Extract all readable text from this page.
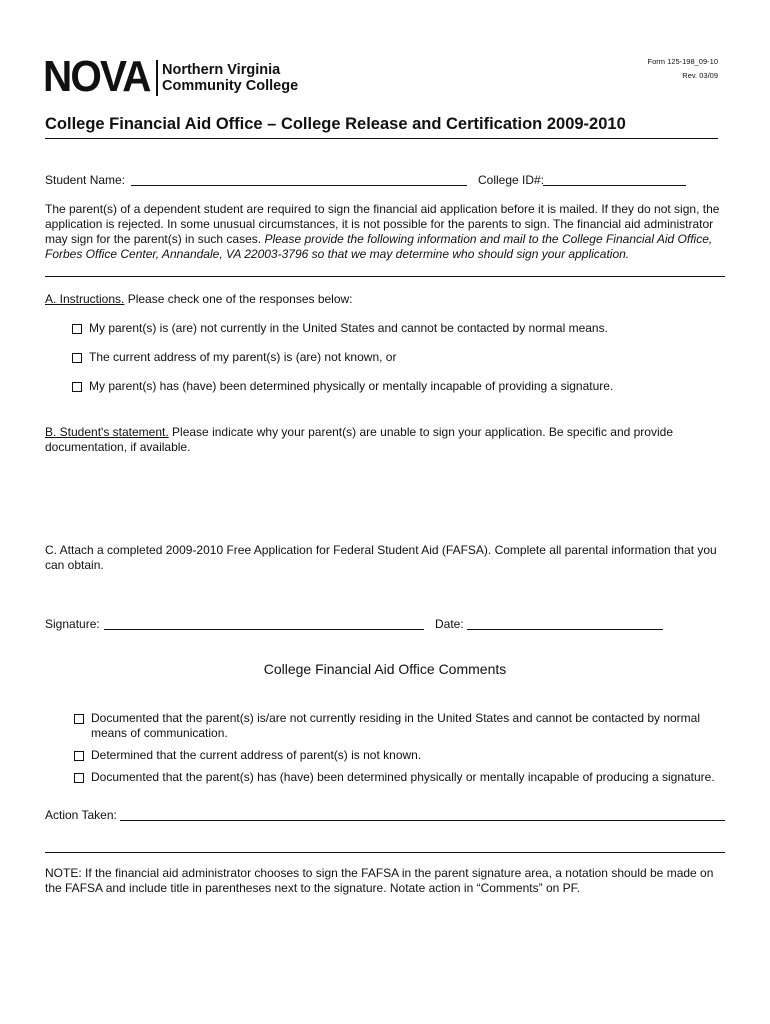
NOVA Northern Virginia
Community College
Form 125-198_09-10
Rev. 03/09
College Financial Aid Office – College Release and Certification 2009-2010
Student Name:	College ID#:
The parent(s) of a dependent student are required to sign the financial aid application before it is mailed. If they do not sign, the application is rejected. In some unusual circumstances, it is not possible for the parents to sign. The financial aid administrator may sign for the parent(s) in such cases. Please provide the following information and mail to the College Financial Aid Office, Forbes Office Center, Annandale, VA 22003-3796 so that we may determine who should sign your application.
A. Instructions. Please check one of the responses below:
My parent(s) is (are) not currently in the United States and cannot be contacted by normal means.
The current address of my parent(s) is (are) not known, or
My parent(s) has (have) been determined physically or mentally incapable of providing a signature.
B. Student's statement. Please indicate why your parent(s) are unable to sign your application. Be specific and provide documentation, if available.
C. Attach a completed 2009-2010 Free Application for Federal Student Aid (FAFSA). Complete all parental information that you can obtain.
Signature:	Date:
College Financial Aid Office Comments
Documented that the parent(s) is/are not currently residing in the United States and cannot be contacted by normal means of communication.
Determined that the current address of parent(s) is not known.
Documented that the parent(s) has (have) been determined physically or mentally incapable of producing a signature.
Action Taken:
NOTE: If the financial aid administrator chooses to sign the FAFSA in the parent signature area, a notation should be made on the FAFSA and include title in parentheses next to the signature. Notate action in “Comments” on PF.
